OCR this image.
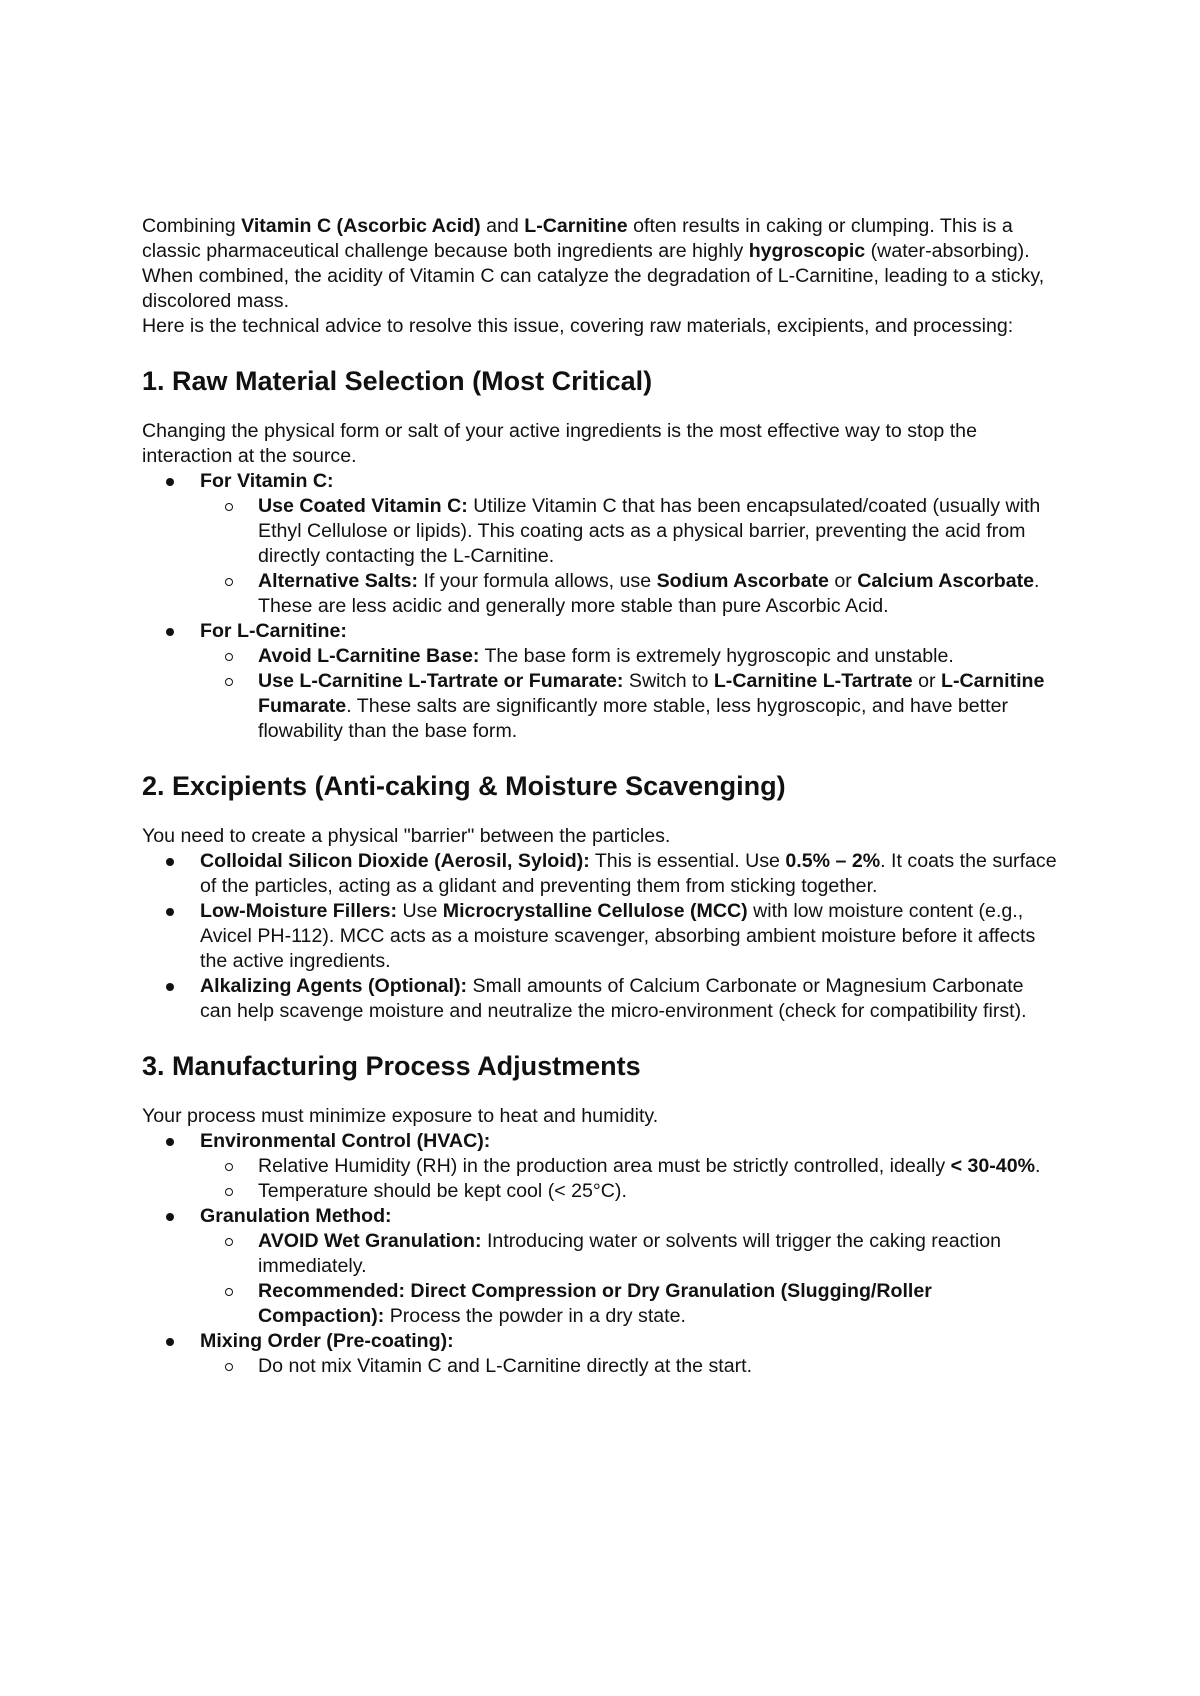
Combining Vitamin C (Ascorbic Acid) and L-Carnitine often results in caking or clumping. This is a classic pharmaceutical challenge because both ingredients are highly hygroscopic (water-absorbing). When combined, the acidity of Vitamin C can catalyze the degradation of L-Carnitine, leading to a sticky, discolored mass.

Here is the technical advice to resolve this issue, covering raw materials, excipients, and processing:

1. Raw Material Selection (Most Critical)

Changing the physical form or salt of your active ingredients is the most effective way to stop the interaction at the source.

For Vitamin C:
Use Coated Vitamin C: Utilize Vitamin C that has been encapsulated/coated (usually with Ethyl Cellulose or lipids). This coating acts as a physical barrier, preventing the acid from directly contacting the L-Carnitine.
Alternative Salts: If your formula allows, use Sodium Ascorbate or Calcium Ascorbate. These are less acidic and generally more stable than pure Ascorbic Acid.
For L-Carnitine:
Avoid L-Carnitine Base: The base form is extremely hygroscopic and unstable.
Use L-Carnitine L-Tartrate or Fumarate: Switch to L-Carnitine L-Tartrate or L-Carnitine Fumarate. These salts are significantly more stable, less hygroscopic, and have better flowability than the base form.
2. Excipients (Anti-caking & Moisture Scavenging)

You need to create a physical "barrier" between the particles.

Colloidal Silicon Dioxide (Aerosil, Syloid): This is essential. Use 0.5% – 2%. It coats the surface of the particles, acting as a glidant and preventing them from sticking together.
Low-Moisture Fillers: Use Microcrystalline Cellulose (MCC) with low moisture content (e.g., Avicel PH-112). MCC acts as a moisture scavenger, absorbing ambient moisture before it affects the active ingredients.
Alkalizing Agents (Optional): Small amounts of Calcium Carbonate or Magnesium Carbonate can help scavenge moisture and neutralize the micro-environment (check for compatibility first).
3. Manufacturing Process Adjustments

Your process must minimize exposure to heat and humidity.

Environmental Control (HVAC):
Relative Humidity (RH) in the production area must be strictly controlled, ideally < 30-40%.
Temperature should be kept cool (< 25°C).
Granulation Method:
AVOID Wet Granulation: Introducing water or solvents will trigger the caking reaction immediately.
Recommended: Direct Compression or Dry Granulation (Slugging/Roller Compaction): Process the powder in a dry state.
Mixing Order (Pre-coating):
Do not mix Vitamin C and L-Carnitine directly at the start.
